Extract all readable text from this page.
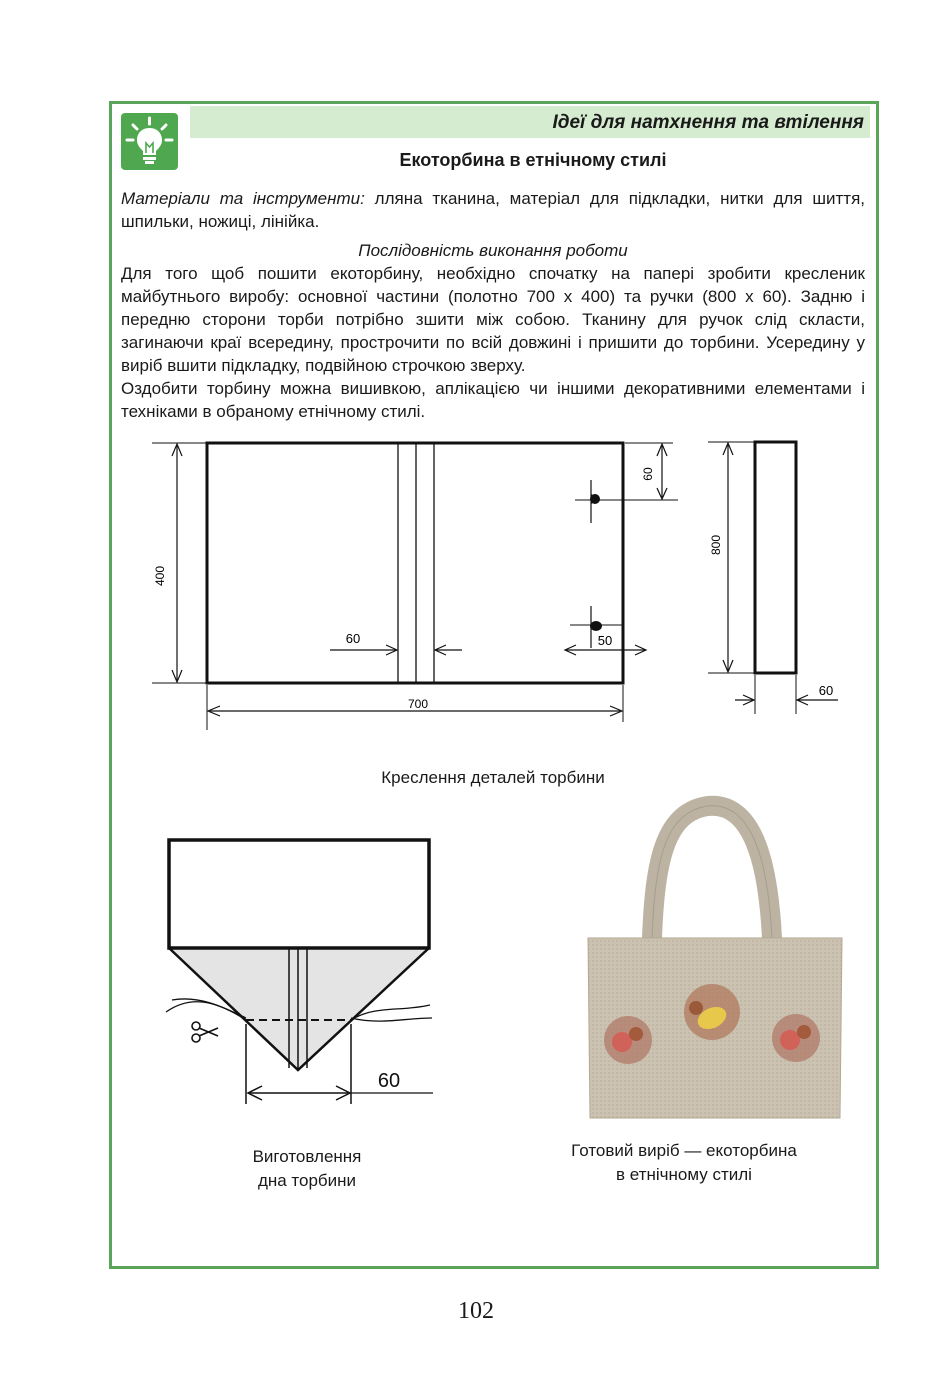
Ідеї для натхнення та втілення
Екоторбина в етнічному стилі
Матеріали та інструменти: лляна тканина, матеріал для підкладки, нитки для шиття, шпильки, ножиці, лінійка.
Послідовність виконання роботи
Для того щоб пошити екоторбину, необхідно спочатку на папері зробити кресленик майбутнього виробу: основної частини (полотно 700 х 400) та ручки (800 х 60). Задню і передню сторони торби потрібно зшити між собою. Тканину для ручок слід скласти, загинаючи краї всередину, прострочити по всій довжині і пришити до торбини. Усередину у виріб вшити підкладку, подвійною строчкою зверху.
Оздобити торбину можна вишивкою, аплікацією чи іншими декоративними елементами і техніками в обраному етнічному стилі.
400
700
60
60
50
800
60
Креслення деталей торбини
60
Виготовлення
дна торбини
Готовий виріб — екоторбина
в етнічному стилі
102
